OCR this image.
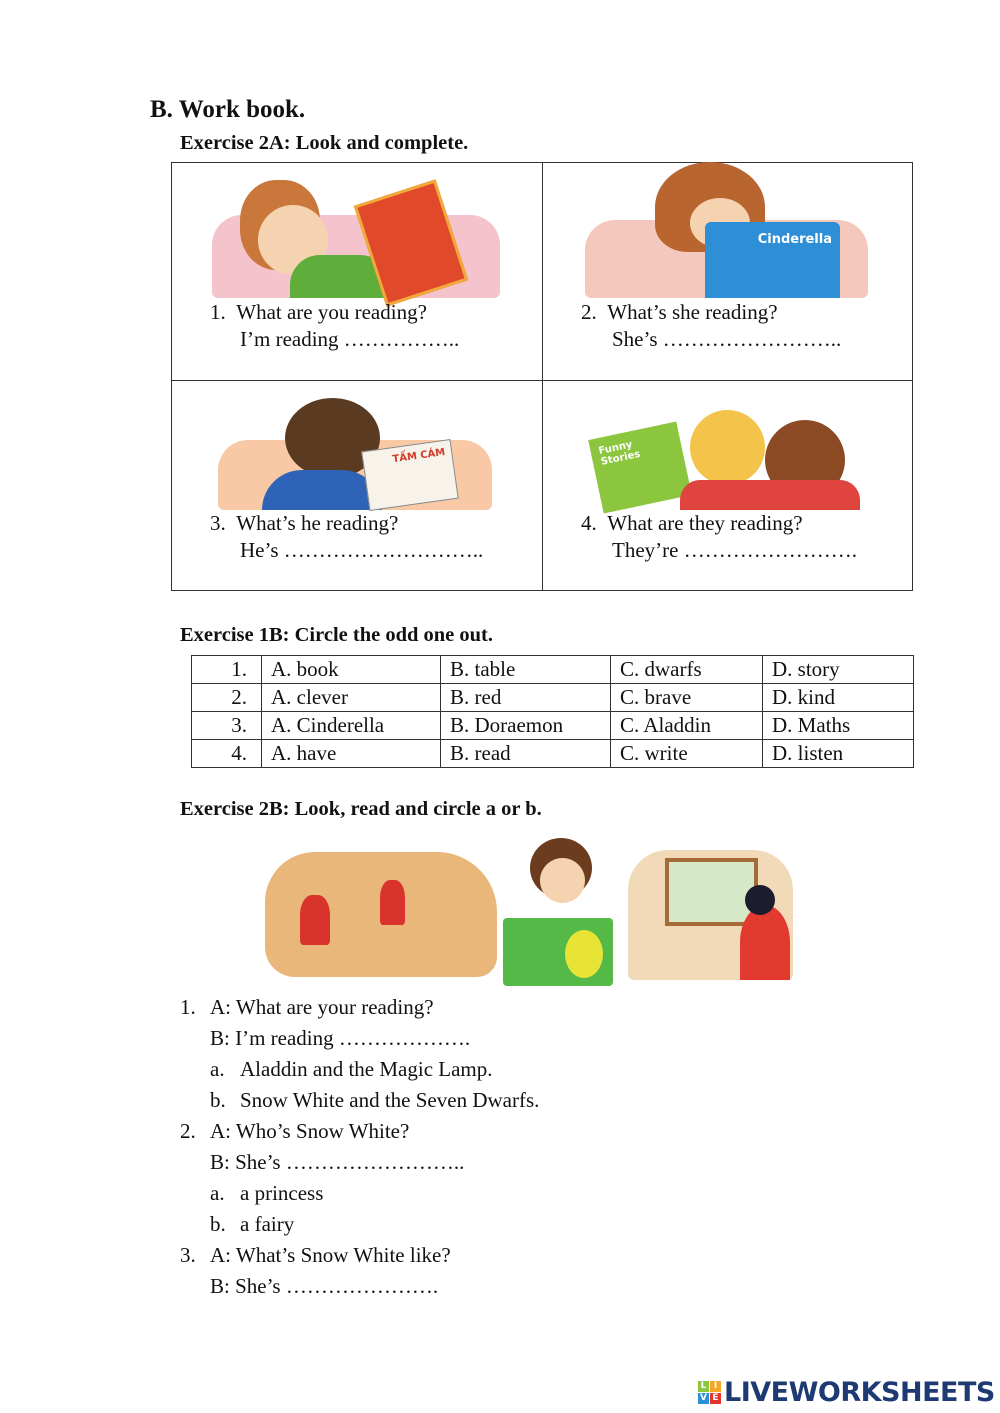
B. Work book.
Exercise 2A: Look and complete.
Cinderella
TẤM CÁM	Funny Stories
1. What are you reading?
I’m reading ……………..
2. What’s she reading?
She’s ……………………..
3. What’s he reading?
He’s ………………………..
4. What are they reading?
They’re …………………….
Exercise 1B: Circle the odd one out.
1.	A. book	B. table	C. dwarfs	D. story
2.	A. clever	B. red	C. brave	D. kind
3.	A. Cinderella	B. Doraemon	C. Aladdin	D. Maths
4.	A. have	B. read	C. write	D. listen
Exercise 2B: Look, read and circle a or b.
1. A: What are your reading?
B: I’m reading ……………….
a. Aladdin and the Magic Lamp.
b. Snow White and the Seven Dwarfs.
2. A: Who’s Snow White?
B: She’s ……………………..
a. a princess
b. a fairy
3. A: What’s Snow White like?
B: She’s ………………….
L I
V E LIVEWORKSHEETS
